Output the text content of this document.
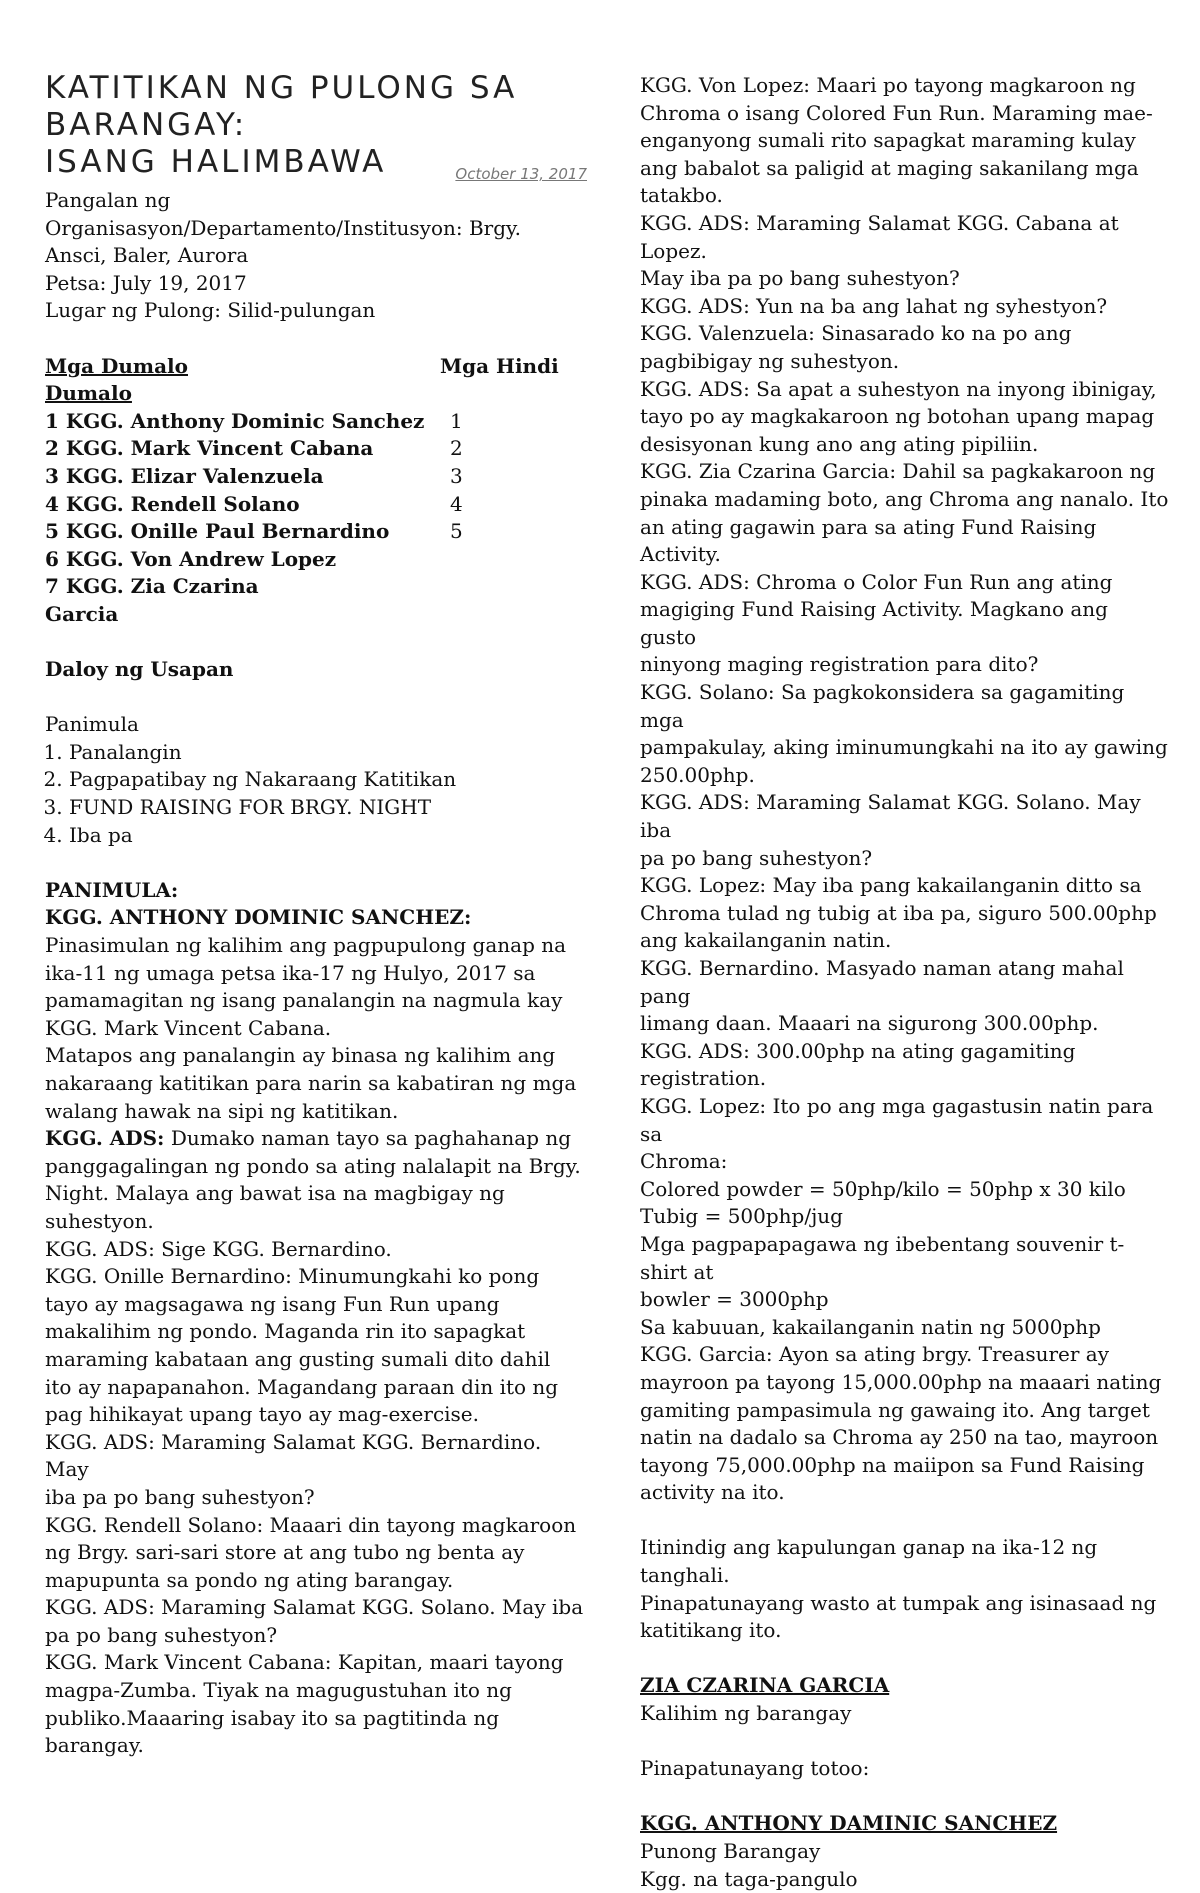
KATITIKAN NG PULONG SA
BARANGAY:
ISANG HALIMBAWA	October 13, 2017

Pangalan ng

Organisasyon/Departamento/Institusyon: Brgy.

Ansci, Baler, Aurora

Petsa: July 19, 2017

Lugar ng Pulong: Silid-pulungan

Mga Dumalo	Mga Hindi

Dumalo

1 KGG. Anthony Dominic Sanchez	1
2 KGG. Mark Vincent Cabana	2
3 KGG. Elizar Valenzuela	3
4 KGG. Rendell Solano	4
5 KGG. Onille Paul Bernardino	5
6 KGG. Von Andrew Lopez
7 KGG. Zia Czarina
Garcia

Daloy ng Usapan

Panimula

1. Panalangin
2. Pagpapatibay ng Nakaraang Katitikan
3. FUND RAISING FOR BRGY. NIGHT
4. Iba pa

PANIMULA:

KGG. ANTHONY DOMINIC SANCHEZ:

Pinasimulan ng kalihim ang pagpupulong ganap na

ika-11 ng umaga petsa ika-17 ng Hulyo, 2017 sa

pamamagitan ng isang panalangin na nagmula kay

KGG. Mark Vincent Cabana.

Matapos ang panalangin ay binasa ng kalihim ang

nakaraang katitikan para narin sa kabatiran ng mga

walang hawak na sipi ng katitikan.

KGG. ADS: Dumako naman tayo sa paghahanap ng

panggagalingan ng pondo sa ating nalalapit na Brgy.

Night. Malaya ang bawat isa na magbigay ng

suhestyon.

KGG. ADS: Sige KGG. Bernardino.

KGG. Onille Bernardino: Minumungkahi ko pong

tayo ay magsagawa ng isang Fun Run upang

makalihim ng pondo. Maganda rin ito sapagkat

maraming kabataan ang gusting sumali dito dahil

ito ay napapanahon. Magandang paraan din ito ng

pag hihikayat upang tayo ay mag-exercise.

KGG. ADS: Maraming Salamat KGG. Bernardino. May

iba pa po bang suhestyon?

KGG. Rendell Solano: Maaari din tayong magkaroon

ng Brgy. sari-sari store at ang tubo ng benta ay

mapupunta sa pondo ng ating barangay.

KGG. ADS: Maraming Salamat KGG. Solano. May iba

pa po bang suhestyon?

KGG. Mark Vincent Cabana: Kapitan, maari tayong

magpa-Zumba. Tiyak na magugustuhan ito ng

publiko.Maaaring isabay ito sa pagtitinda ng

barangay.

KGG. Von Lopez: Maari po tayong magkaroon ng

Chroma o isang Colored Fun Run. Maraming mae-

enganyong sumali rito sapagkat maraming kulay

ang babalot sa paligid at maging sakanilang mga

tatakbo.

KGG. ADS: Maraming Salamat KGG. Cabana at Lopez.

May iba pa po bang suhestyon?

KGG. ADS: Yun na ba ang lahat ng syhestyon?

KGG. Valenzuela: Sinasarado ko na po ang

pagbibigay ng suhestyon.

KGG. ADS: Sa apat a suhestyon na inyong ibinigay,

tayo po ay magkakaroon ng botohan upang mapag

desisyonan kung ano ang ating pipiliin.

KGG. Zia Czarina Garcia: Dahil sa pagkakaroon ng

pinaka madaming boto, ang Chroma ang nanalo. Ito

an ating gagawin para sa ating Fund Raising

Activity.

KGG. ADS: Chroma o Color Fun Run ang ating

magiging Fund Raising Activity. Magkano ang gusto

ninyong maging registration para dito?

KGG. Solano: Sa pagkokonsidera sa gagamiting mga

pampakulay, aking iminumungkahi na ito ay gawing

250.00php.

KGG. ADS: Maraming Salamat KGG. Solano. May iba

pa po bang suhestyon?

KGG. Lopez: May iba pang kakailanganin ditto sa

Chroma tulad ng tubig at iba pa, siguro 500.00php

ang kakailanganin natin.

KGG. Bernardino. Masyado naman atang mahal pang

limang daan. Maaari na sigurong 300.00php.

KGG. ADS: 300.00php na ating gagamiting

registration.

KGG. Lopez: Ito po ang mga gagastusin natin para sa

Chroma:

Colored powder = 50php/kilo = 50php x 30 kilo

Tubig = 500php/jug

Mga pagpapapagawa ng ibebentang souvenir t-shirt at

bowler = 3000php

Sa kabuuan, kakailanganin natin ng 5000php

KGG. Garcia: Ayon sa ating brgy. Treasurer ay

mayroon pa tayong 15,000.00php na maaari nating

gamiting pampasimula ng gawaing ito. Ang target

natin na dadalo sa Chroma ay 250 na tao, mayroon

tayong 75,000.00php na maiipon sa Fund Raising

activity na ito.

Itinindig ang kapulungan ganap na ika-12 ng

tanghali.

Pinapatunayang wasto at tumpak ang isinasaad ng

katitikang ito.

ZIA CZARINA GARCIA

Kalihim ng barangay

Pinapatunayang totoo:

KGG. ANTHONY DAMINIC SANCHEZ

Punong Barangay

Kgg. na taga-pangulo
